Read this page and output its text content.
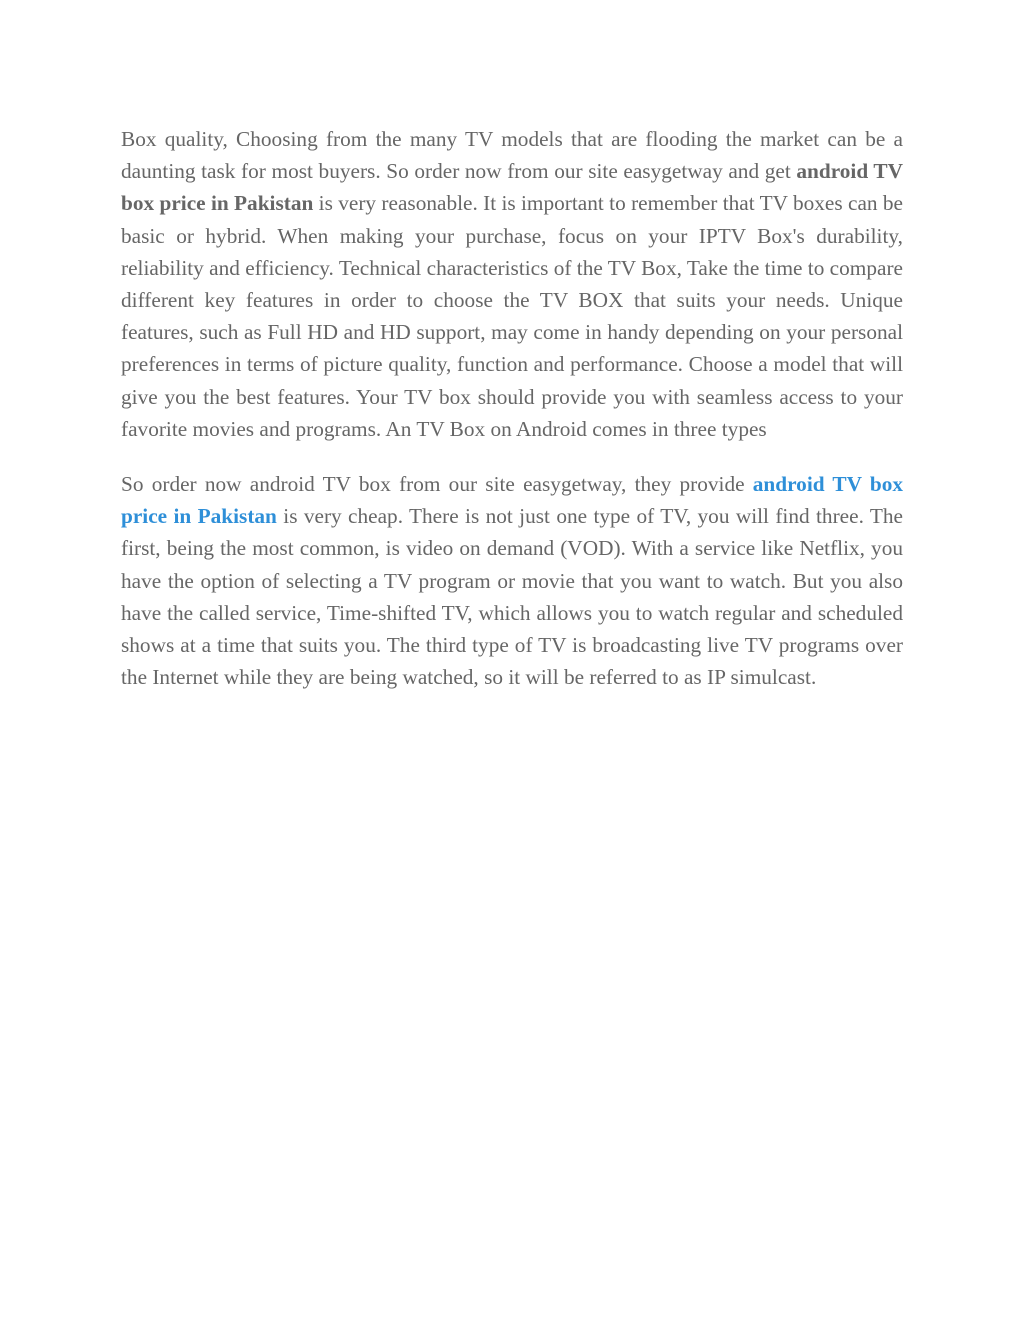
Box quality, Choosing from the many TV models that are flooding the market can be a daunting task for most buyers. So order now from our site easygetway and get android TV box price in Pakistan is very reasonable. It is important to remember that TV boxes can be basic or hybrid. When making your purchase, focus on your IPTV Box's durability, reliability and efficiency. Technical characteristics of the TV Box, Take the time to compare different key features in order to choose the TV BOX that suits your needs. Unique features, such as Full HD and HD support, may come in handy depending on your personal preferences in terms of picture quality, function and performance. Choose a model that will give you the best features. Your TV box should provide you with seamless access to your favorite movies and programs. An TV Box on Android comes in three types

So order now android TV box from our site easygetway, they provide android TV box price in Pakistan is very cheap. There is not just one type of TV, you will find three. The first, being the most common, is video on demand (VOD). With a service like Netflix, you have the option of selecting a TV program or movie that you want to watch. But you also have the called service, Time-shifted TV, which allows you to watch regular and scheduled shows at a time that suits you. The third type of TV is broadcasting live TV programs over the Internet while they are being watched, so it will be referred to as IP simulcast.
